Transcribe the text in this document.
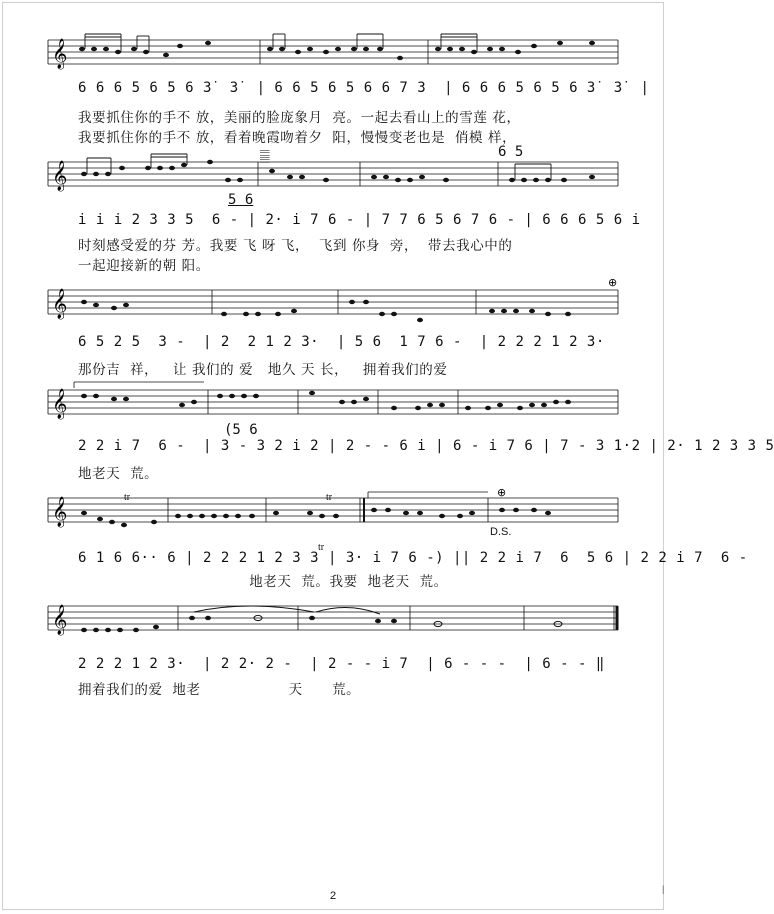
𝄞
6 6 6 5 6 5 6 3̇  3̇  | 6 6 5 6 5 6 6 7 3  | 6 6 6 5 6 5 6 3̇  3̇  |
我要抓住你的手不 放，美丽的脸庞象月  亮。一起去看山上的雪莲 花，
我要抓住你的手不 放，看着晚霞吻着夕  阳，慢慢变老也是  俏模 样，
𝄞
𝄛
5 6
6 5
i i i 2 3 3 5  6 - | 2· i 7 6 - | 7 7 6 5 6 7 6 - | 6 6 6 5 6 i
时刻感受爱的芬 芳。我要 飞 呀 飞，  飞到 你身  旁，  带去我心中的
一起迎接新的朝 阳。
𝄞
⊕
6 5 2 5  3 -  | 2  2 1 2 3·  | 5 6  1 7 6 -  | 2 2 2 1 2 3·
那份吉  祥，   让 我们的 爱   地久 天 长，   拥着我们的爱
𝄞
(5 6
2 2 i 7  6 -  | 3 - 3 2 i 2 | 2 - - 6 i | 6 - i 7 6 | 7 - 3 1·2 | 2· 1 2 3 3 5
地老天  荒。
𝄞
⊕
tr	tr
tr
D.S.
6 1 6 6·· 6 | 2 2 2 1 2 3 3 | 3· i 7 6 -) || 2 2 i 7  6  5 6 | 2 2 i 7  6 -
地老天  荒。我要  地老天  荒。
𝄞
2 2 2 1 2 3·  | 2 2· 2 -  | 2 - - i 7  | 6 - - -  | 6 - - ‖
拥着我们的爱  地老                  天      荒。
2
|
